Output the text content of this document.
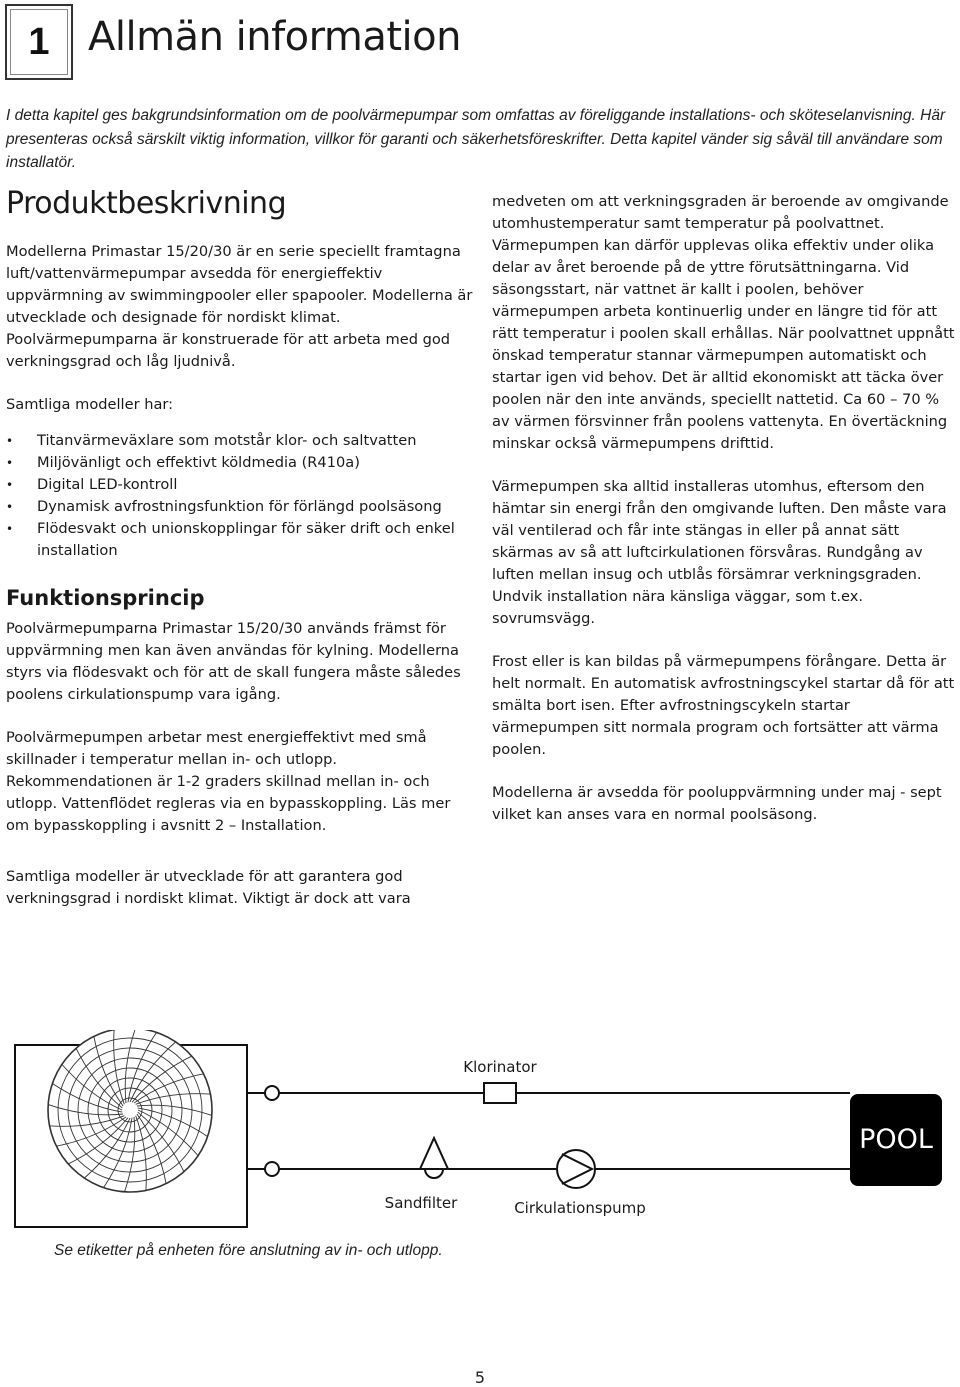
1 Allmän information

I detta kapitel ges bakgrundsinformation om de poolvärmepumpar som omfattas av föreliggande installations- och sköteselanvisning. Här presenteras också särskilt viktig information, villkor för garanti och säkerhetsföreskrifter. Detta kapitel vänder sig såväl till användare som installatör.

Produktbeskrivning

Modellerna Primastar 15/20/30 är en serie speciellt framtagna luft/vattenvärmepumpar avsedda för energieffektiv uppvärmning av swimmingpooler eller spapooler. Modellerna är utvecklade och designade för nordiskt klimat. Poolvärmepumparna är konstruerade för att arbeta med god verkningsgrad och låg ljudnivå.

Samtliga modeller har:

• Titanvärmeväxlare som motstår klor- och saltvatten
• Miljövänligt och effektivt köldmedia (R410a)
• Digital LED-kontroll
• Dynamisk avfrostningsfunktion för förlängd poolsäsong
• Flödesvakt och unionskopplingar för säker drift och enkel installation
Funktionsprincip

Poolvärmepumparna Primastar 15/20/30 används främst för uppvärmning men kan även användas för kylning. Modellerna styrs via flödesvakt och för att de skall fungera måste således poolens cirkulationspump vara igång.

Poolvärmepumpen arbetar mest energieffektivt med små skillnader i temperatur mellan in- och utlopp. Rekommendationen är 1-2 graders skillnad mellan in- och utlopp. Vattenflödet regleras via en bypasskoppling. Läs mer om bypasskoppling i avsnitt 2 – Installation.

Samtliga modeller är utvecklade för att garantera god verkningsgrad i nordiskt klimat. Viktigt är dock att vara

medveten om att verkningsgraden är beroende av omgivande utomhustemperatur samt temperatur på poolvattnet. Värmepumpen kan därför upplevas olika effektiv under olika delar av året beroende på de yttre förutsättningarna. Vid säsongsstart, när vattnet är kallt i poolen, behöver värmepumpen arbeta kontinuerlig under en längre tid för att rätt temperatur i poolen skall erhållas. När poolvattnet uppnått önskad temperatur stannar värmepumpen automatiskt och startar igen vid behov. Det är alltid ekonomiskt att täcka över poolen när den inte används, speciellt nattetid. Ca 60 – 70 % av värmen försvinner från poolens vattenyta. En övertäckning minskar också värmepumpens drifttid.

Värmepumpen ska alltid installeras utomhus, eftersom den hämtar sin energi från den omgivande luften. Den måste vara väl ventilerad och får inte stängas in eller på annat sätt skärmas av så att luftcirkulationen försvåras. Rundgång av luften mellan insug och utblås försämrar verkningsgraden. Undvik installation nära känsliga väggar, som t.ex. sovrumsvägg.

Frost eller is kan bildas på värmepumpens förångare. Detta är helt normalt. En automatisk avfrostningscykel startar då för att smälta bort isen. Efter avfrostningscykeln startar värmepumpen sitt normala program och fortsätter att värma poolen.

Modellerna är avsedda för pooluppvärmning under maj - sept vilket kan anses vara en normal poolsäsong.

Klorinator
Sandfilter	Cirkulationspump
POOL
Se etiketter på enheten före anslutning av in- och utlopp.
5
